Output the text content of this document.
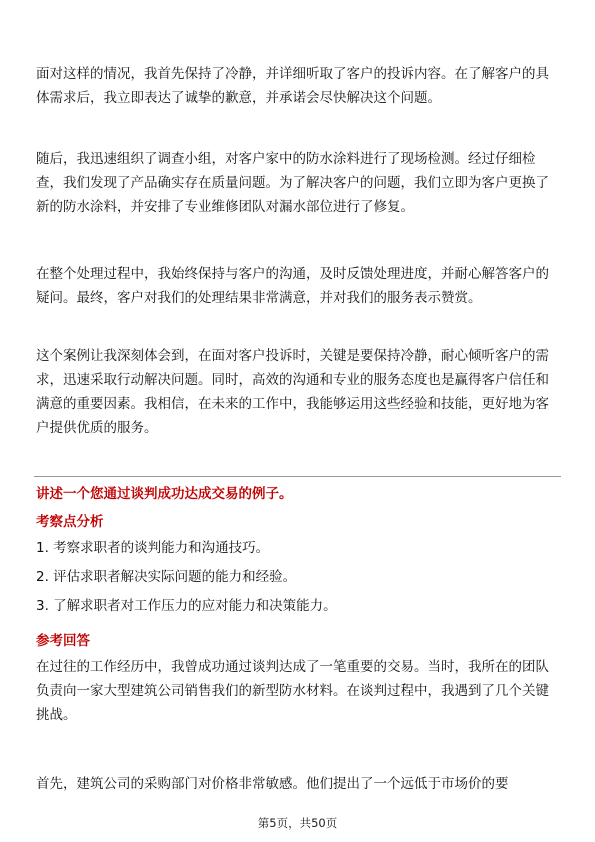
面对这样的情况，我首先保持了冷静，并详细听取了客户的投诉内容。在了解客户的具体需求后，我立即表达了诚挚的歉意，并承诺会尽快解决这个问题。

随后，我迅速组织了调查小组，对客户家中的防水涂料进行了现场检测。经过仔细检查，我们发现了产品确实存在质量问题。为了解决客户的问题，我们立即为客户更换了新的防水涂料，并安排了专业维修团队对漏水部位进行了修复。

在整个处理过程中，我始终保持与客户的沟通，及时反馈处理进度，并耐心解答客户的疑问。最终，客户对我们的处理结果非常满意，并对我们的服务表示赞赏。

这个案例让我深刻体会到，在面对客户投诉时，关键是要保持冷静，耐心倾听客户的需求，迅速采取行动解决问题。同时，高效的沟通和专业的服务态度也是赢得客户信任和满意的重要因素。我相信，在未来的工作中，我能够运用这些经验和技能，更好地为客户提供优质的服务。

讲述一个您通过谈判成功达成交易的例子。

考察点分析

1. 考察求职者的谈判能力和沟通技巧。

2. 评估求职者解决实际问题的能力和经验。

3. 了解求职者对工作压力的应对能力和决策能力。

参考回答

在过往的工作经历中，我曾成功通过谈判达成了一笔重要的交易。当时，我所在的团队负责向一家大型建筑公司销售我们的新型防水材料。在谈判过程中，我遇到了几个关键挑战。

首先，建筑公司的采购部门对价格非常敏感。他们提出了一个远低于市场价的要

第5页，共50页
